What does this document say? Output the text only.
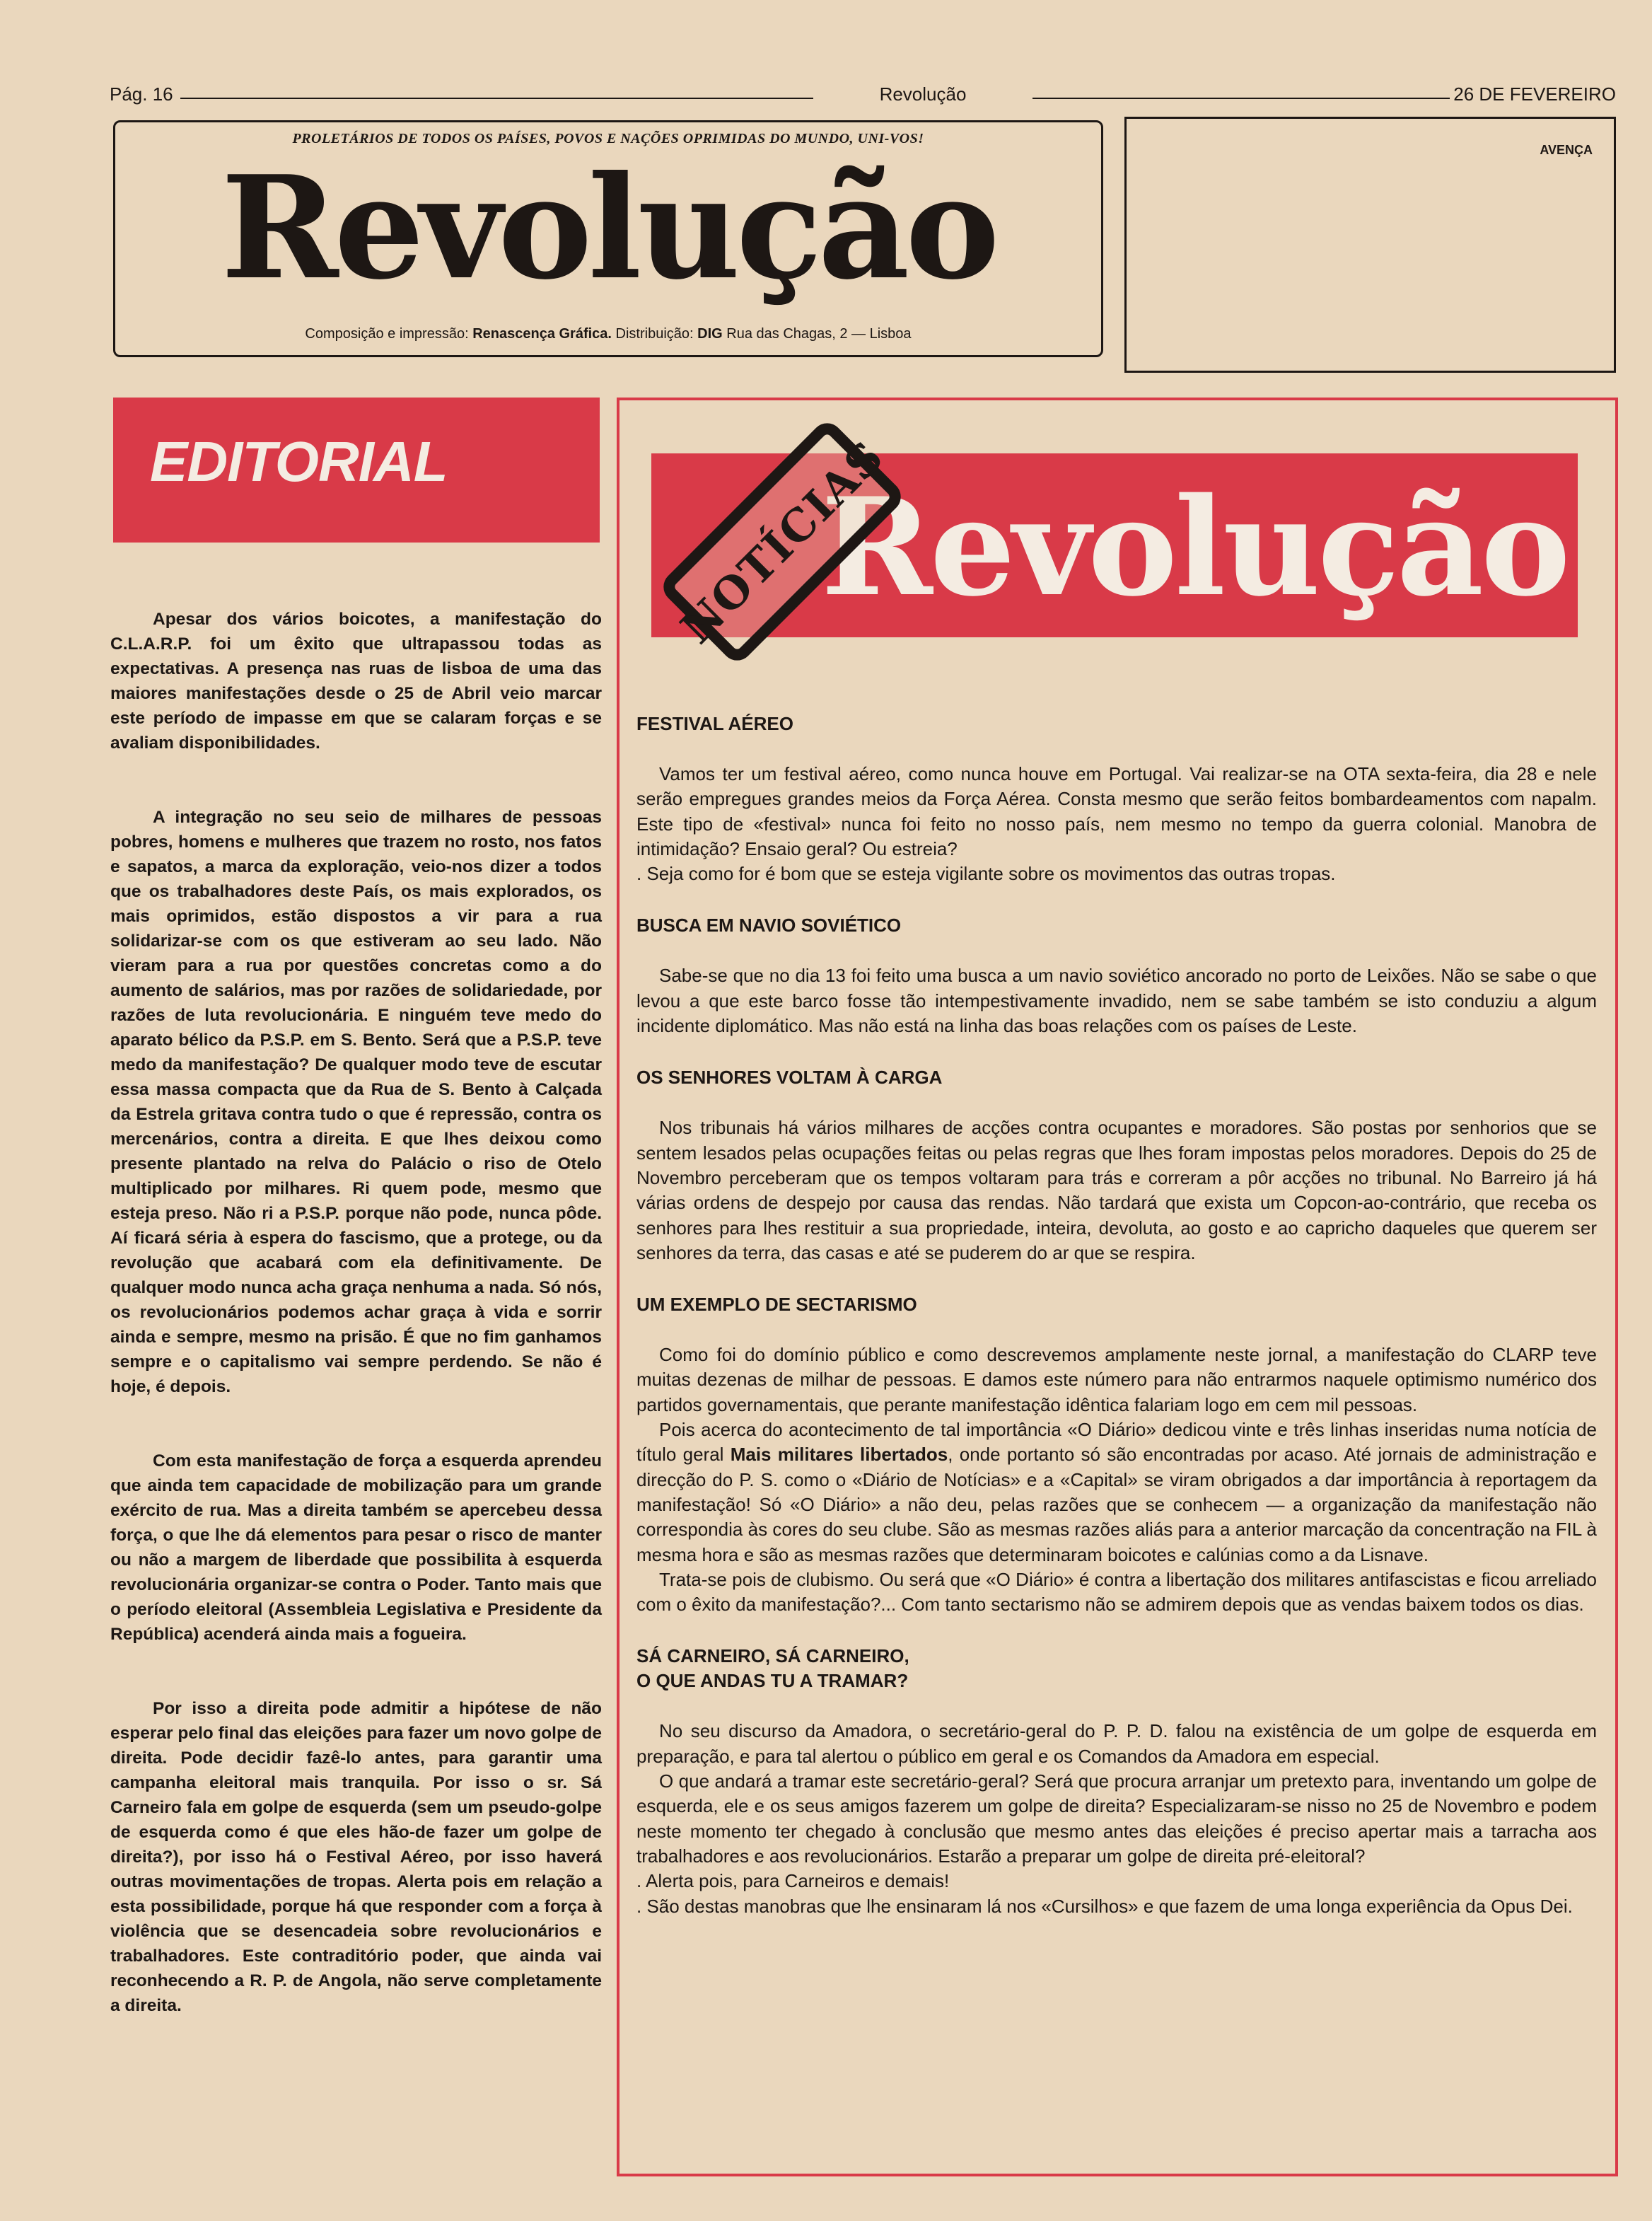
Pág. 16	Revolução	26 DE FEVEREIRO
PROLETÁRIOS DE TODOS OS PAÍSES, POVOS E NAÇÕES OPRIMIDAS DO MUNDO, UNI-VOS!
Revolução
Composição e impressão: Renascença Gráfica. Distribuição: DIG Rua das Chagas, 2 — Lisboa
AVENÇA
EDITORIAL

Apesar dos vários boicotes, a manifestação do C.L.A.R.P. foi um êxito que ultrapassou todas as expectativas. A presença nas ruas de lisboa de uma das maiores manifestações desde o 25 de Abril veio marcar este período de impasse em que se calaram forças e se avaliam disponibilidades.

A integração no seu seio de milhares de pessoas pobres, homens e mulheres que trazem no rosto, nos fatos e sapatos, a marca da exploração, veio-nos dizer a todos que os trabalhadores deste País, os mais explorados, os mais oprimidos, estão dispostos a vir para a rua solidarizar-se com os que estiveram ao seu lado. Não vieram para a rua por questões concretas como a do aumento de salários, mas por razões de solidariedade, por razões de luta revolucionária. E ninguém teve medo do aparato bélico da P.S.P. em S. Bento. Será que a P.S.P. teve medo da manifestação? De qualquer modo teve de escutar essa massa compacta que da Rua de S. Bento à Calçada da Estrela gritava contra tudo o que é repressão, contra os mercenários, contra a direita. E que lhes deixou como presente plantado na relva do Palácio o riso de Otelo multiplicado por milhares. Ri quem pode, mesmo que esteja preso. Não ri a P.S.P. porque não pode, nunca pôde. Aí ficará séria à espera do fascismo, que a protege, ou da revolução que acabará com ela definitivamente. De qualquer modo nunca acha graça nenhuma a nada. Só nós, os revolucionários podemos achar graça à vida e sorrir ainda e sempre, mesmo na prisão. É que no fim ganhamos sempre e o capitalismo vai sempre perdendo. Se não é hoje, é depois.

Com esta manifestação de força a esquerda aprendeu que ainda tem capacidade de mobilização para um grande exército de rua. Mas a direita também se apercebeu dessa força, o que lhe dá elementos para pesar o risco de manter ou não a margem de liberdade que possibilita à esquerda revolucionária organizar-se contra o Poder. Tanto mais que o período eleitoral (Assembleia Legislativa e Presidente da República) acenderá ainda mais a fogueira.

Por isso a direita pode admitir a hipótese de não esperar pelo final das eleições para fazer um novo golpe de direita. Pode decidir fazê-lo antes, para garantir uma campanha eleitoral mais tranquila. Por isso o sr. Sá Carneiro fala em golpe de esquerda (sem um pseudo-golpe de esquerda como é que eles hão-de fazer um golpe de direita?), por isso há o Festival Aéreo, por isso haverá outras movimentações de tropas. Alerta pois em relação a esta possibilidade, porque há que responder com a força à violência que se desencadeia sobre revolucionários e trabalhadores. Este contraditório poder, que ainda vai reconhecendo a R. P. de Angola, não serve completamente a direita.

Revolução
NOTÍCIAS
FESTIVAL AÉREO

Vamos ter um festival aéreo, como nunca houve em Portugal. Vai realizar-se na OTA sexta-feira, dia 28 e nele serão empregues grandes meios da Força Aérea. Consta mesmo que serão feitos bombardeamentos com napalm. Este tipo de «festival» nunca foi feito no nosso país, nem mesmo no tempo da guerra colonial. Manobra de intimidação? Ensaio geral? Ou estreia?

. Seja como for é bom que se esteja vigilante sobre os movimentos das outras tropas.

BUSCA EM NAVIO SOVIÉTICO

Sabe-se que no dia 13 foi feito uma busca a um navio soviético ancorado no porto de Leixões. Não se sabe o que levou a que este barco fosse tão intempestivamente invadido, nem se sabe também se isto conduziu a algum incidente diplomático. Mas não está na linha das boas relações com os países de Leste.

OS SENHORES VOLTAM À CARGA

Nos tribunais há vários milhares de acções contra ocupantes e moradores. São postas por senhorios que se sentem lesados pelas ocupações feitas ou pelas regras que lhes foram impostas pelos moradores. Depois do 25 de Novembro perceberam que os tempos voltaram para trás e correram a pôr acções no tribunal. No Barreiro já há várias ordens de despejo por causa das rendas. Não tardará que exista um Copcon-ao-contrário, que receba os senhores para lhes restituir a sua propriedade, inteira, devoluta, ao gosto e ao capricho daqueles que querem ser senhores da terra, das casas e até se puderem do ar que se respira.

UM EXEMPLO DE SECTARISMO

Como foi do domínio público e como descrevemos amplamente neste jornal, a manifestação do CLARP teve muitas dezenas de milhar de pessoas. E damos este número para não entrarmos naquele optimismo numérico dos partidos governamentais, que perante manifestação idêntica falariam logo em cem mil pessoas.

Pois acerca do acontecimento de tal importância «O Diário» dedicou vinte e três linhas inseridas numa notícia de título geral Mais militares libertados, onde portanto só são encontradas por acaso. Até jornais de administração e direcção do P. S. como o «Diário de Notícias» e a «Capital» se viram obrigados a dar importância à reportagem da manifestação! Só «O Diário» a não deu, pelas razões que se conhecem — a organização da manifestação não correspondia às cores do seu clube. São as mesmas razões aliás para a anterior marcação da concentração na FIL à mesma hora e são as mesmas razões que determinaram boicotes e calúnias como a da Lisnave.

Trata-se pois de clubismo. Ou será que «O Diário» é contra a libertação dos militares antifascistas e ficou arreliado com o êxito da manifestação?... Com tanto sectarismo não se admirem depois que as vendas baixem todos os dias.

SÁ CARNEIRO, SÁ CARNEIRO,
O QUE ANDAS TU A TRAMAR?

No seu discurso da Amadora, o secretário-geral do P. P. D. falou na existência de um golpe de esquerda em preparação, e para tal alertou o público em geral e os Comandos da Amadora em especial.

O que andará a tramar este secretário-geral? Será que procura arranjar um pretexto para, inventando um golpe de esquerda, ele e os seus amigos fazerem um golpe de direita? Especializaram-se nisso no 25 de Novembro e podem neste momento ter chegado à conclusão que mesmo antes das eleições é preciso apertar mais a tarracha aos trabalhadores e aos revolucionários. Estarão a preparar um golpe de direita pré-eleitoral?

. Alerta pois, para Carneiros e demais!

. São destas manobras que lhe ensinaram lá nos «Cursilhos» e que fazem de uma longa experiência da Opus Dei.
